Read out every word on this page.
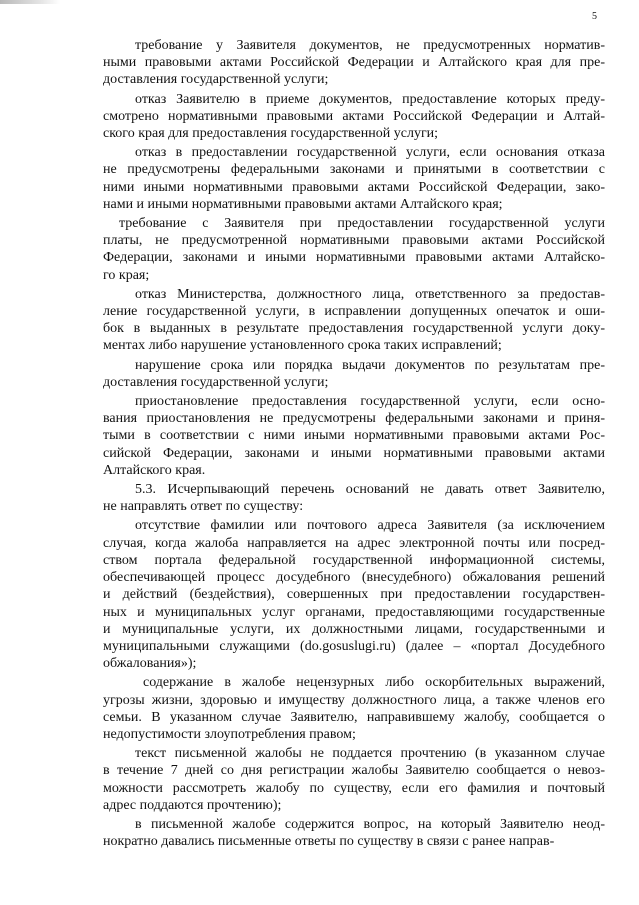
5
требование у Заявителя документов, не предусмотренных норматив-
ными правовыми актами Российской Федерации и Алтайского края для пре-
доставления государственной услуги;
отказ Заявителю в приеме документов, предоставление которых преду-
смотрено нормативными правовыми актами Российской Федерации и Алтай-
ского края для предоставления государственной услуги;
отказ в предоставлении государственной услуги, если основания отказа
не предусмотрены федеральными законами и принятыми в соответствии с
ними иными нормативными правовыми актами Российской Федерации, зако-
нами и иными нормативными правовыми актами Алтайского края;
требование с Заявителя при предоставлении государственной услуги
платы, не предусмотренной нормативными правовыми актами Российской
Федерации, законами и иными нормативными правовыми актами Алтайско-
го края;
отказ Министерства, должностного лица, ответственного за предостав-
ление государственной услуги, в исправлении допущенных опечаток и оши-
бок в выданных в результате предоставления государственной услуги доку-
ментах либо нарушение установленного срока таких исправлений;
нарушение срока или порядка выдачи документов по результатам пре-
доставления государственной услуги;
приостановление предоставления государственной услуги, если осно-
вания приостановления не предусмотрены федеральными законами и приня-
тыми в соответствии с ними иными нормативными правовыми актами Рос-
сийской Федерации, законами и иными нормативными правовыми актами
Алтайского края.
5.3. Исчерпывающий перечень оснований не давать ответ Заявителю,
не направлять ответ по существу:
отсутствие фамилии или почтового адреса Заявителя (за исключением
случая, когда жалоба направляется на адрес электронной почты или посред-
ством портала федеральной государственной информационной системы,
обеспечивающей процесс досудебного (внесудебного) обжалования решений
и действий (бездействия), совершенных при предоставлении государствен-
ных и муниципальных услуг органами, предоставляющими государственные
и муниципальные услуги, их должностными лицами, государственными и
муниципальными служащими (do.gosuslugi.ru) (далее – «портал Досудебного
обжалования»);
содержание в жалобе нецензурных либо оскорбительных выражений,
угрозы жизни, здоровью и имуществу должностного лица, а также членов его
семьи. В указанном случае Заявителю, направившему жалобу, сообщается о
недопустимости злоупотребления правом;
текст письменной жалобы не поддается прочтению (в указанном случае
в течение 7 дней со дня регистрации жалобы Заявителю сообщается о невоз-
можности рассмотреть жалобу по существу, если его фамилия и почтовый
адрес поддаются прочтению);
в письменной жалобе содержится вопрос, на который Заявителю неод-
нократно давались письменные ответы по существу в связи с ранее направ-
